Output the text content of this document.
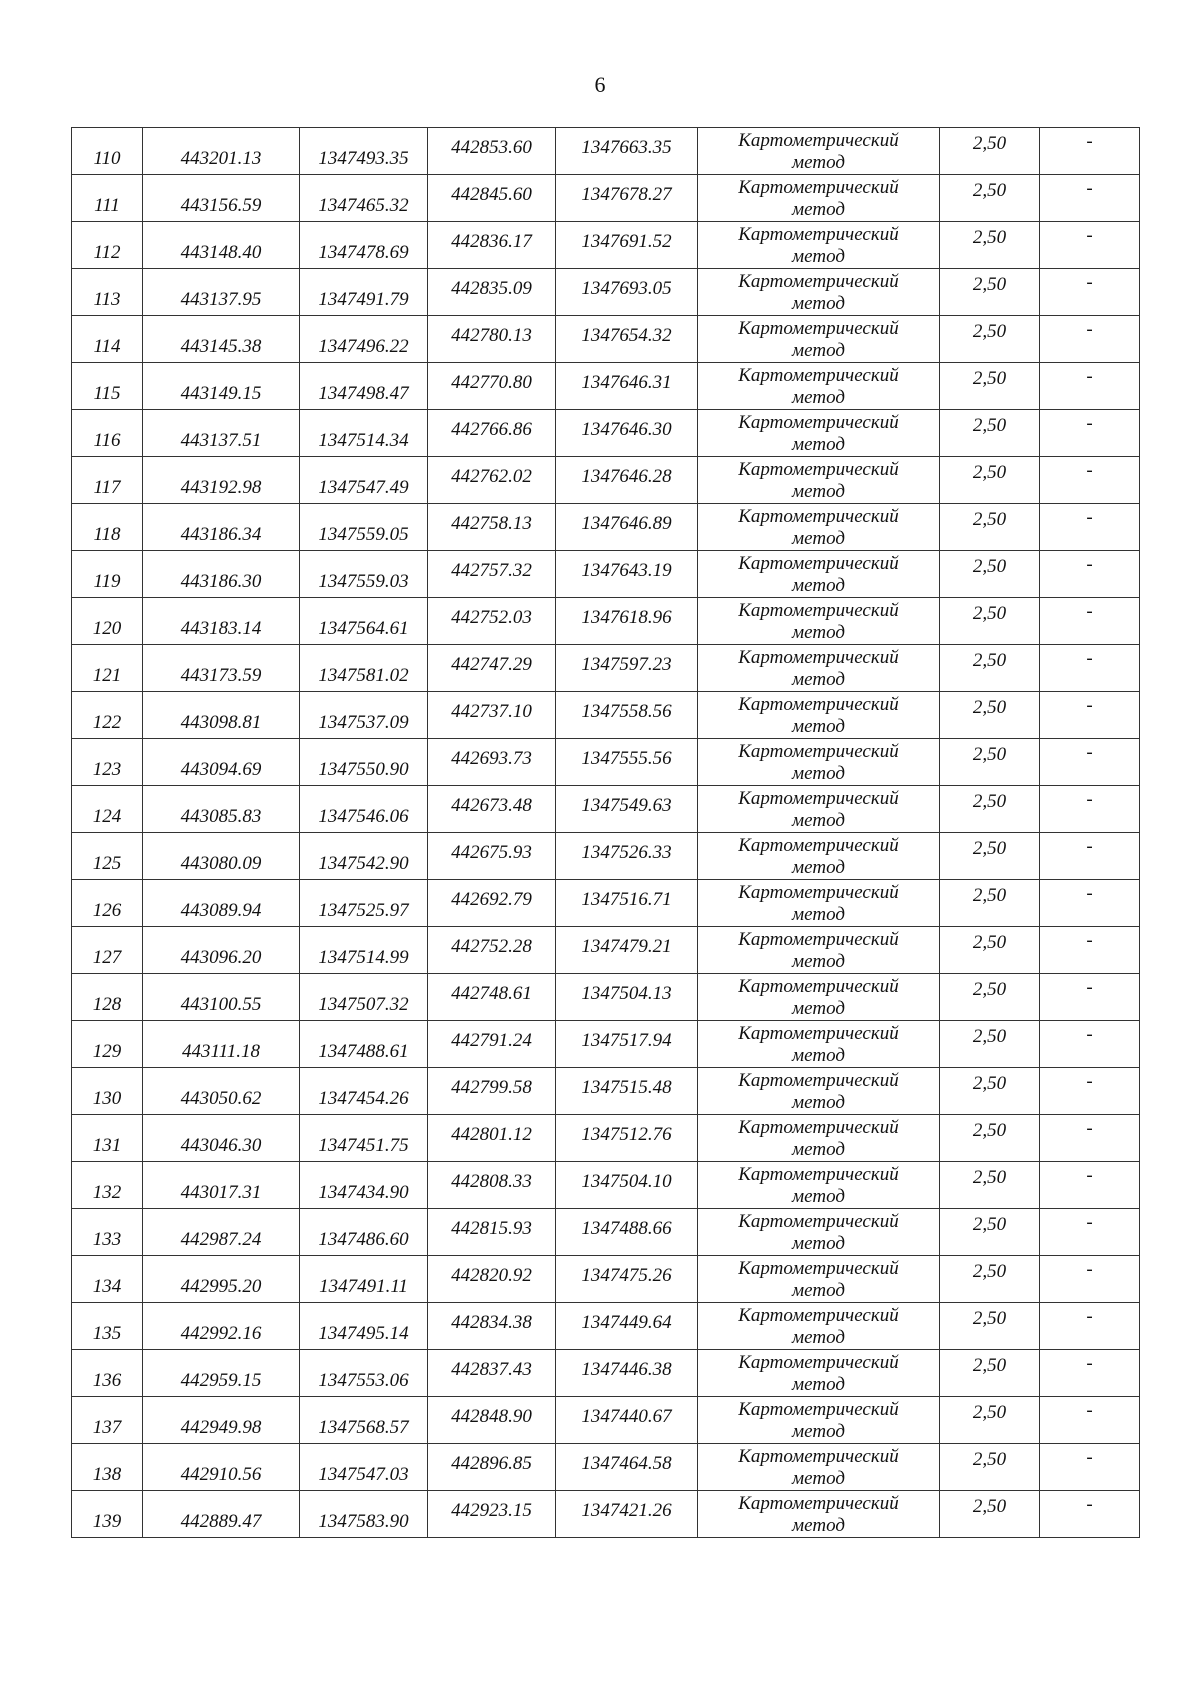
6
110	443201.13	1347493.35	442853.60	1347663.35	Картометрический
метод	2,50	-
111	443156.59	1347465.32	442845.60	1347678.27	Картометрический
метод	2,50	-
112	443148.40	1347478.69	442836.17	1347691.52	Картометрический
метод	2,50	-
113	443137.95	1347491.79	442835.09	1347693.05	Картометрический
метод	2,50	-
114	443145.38	1347496.22	442780.13	1347654.32	Картометрический
метод	2,50	-
115	443149.15	1347498.47	442770.80	1347646.31	Картометрический
метод	2,50	-
116	443137.51	1347514.34	442766.86	1347646.30	Картометрический
метод	2,50	-
117	443192.98	1347547.49	442762.02	1347646.28	Картометрический
метод	2,50	-
118	443186.34	1347559.05	442758.13	1347646.89	Картометрический
метод	2,50	-
119	443186.30	1347559.03	442757.32	1347643.19	Картометрический
метод	2,50	-
120	443183.14	1347564.61	442752.03	1347618.96	Картометрический
метод	2,50	-
121	443173.59	1347581.02	442747.29	1347597.23	Картометрический
метод	2,50	-
122	443098.81	1347537.09	442737.10	1347558.56	Картометрический
метод	2,50	-
123	443094.69	1347550.90	442693.73	1347555.56	Картометрический
метод	2,50	-
124	443085.83	1347546.06	442673.48	1347549.63	Картометрический
метод	2,50	-
125	443080.09	1347542.90	442675.93	1347526.33	Картометрический
метод	2,50	-
126	443089.94	1347525.97	442692.79	1347516.71	Картометрический
метод	2,50	-
127	443096.20	1347514.99	442752.28	1347479.21	Картометрический
метод	2,50	-
128	443100.55	1347507.32	442748.61	1347504.13	Картометрический
метод	2,50	-
129	443111.18	1347488.61	442791.24	1347517.94	Картометрический
метод	2,50	-
130	443050.62	1347454.26	442799.58	1347515.48	Картометрический
метод	2,50	-
131	443046.30	1347451.75	442801.12	1347512.76	Картометрический
метод	2,50	-
132	443017.31	1347434.90	442808.33	1347504.10	Картометрический
метод	2,50	-
133	442987.24	1347486.60	442815.93	1347488.66	Картометрический
метод	2,50	-
134	442995.20	1347491.11	442820.92	1347475.26	Картометрический
метод	2,50	-
135	442992.16	1347495.14	442834.38	1347449.64	Картометрический
метод	2,50	-
136	442959.15	1347553.06	442837.43	1347446.38	Картометрический
метод	2,50	-
137	442949.98	1347568.57	442848.90	1347440.67	Картометрический
метод	2,50	-
138	442910.56	1347547.03	442896.85	1347464.58	Картометрический
метод	2,50	-
139	442889.47	1347583.90	442923.15	1347421.26	Картометрический
метод	2,50	-
